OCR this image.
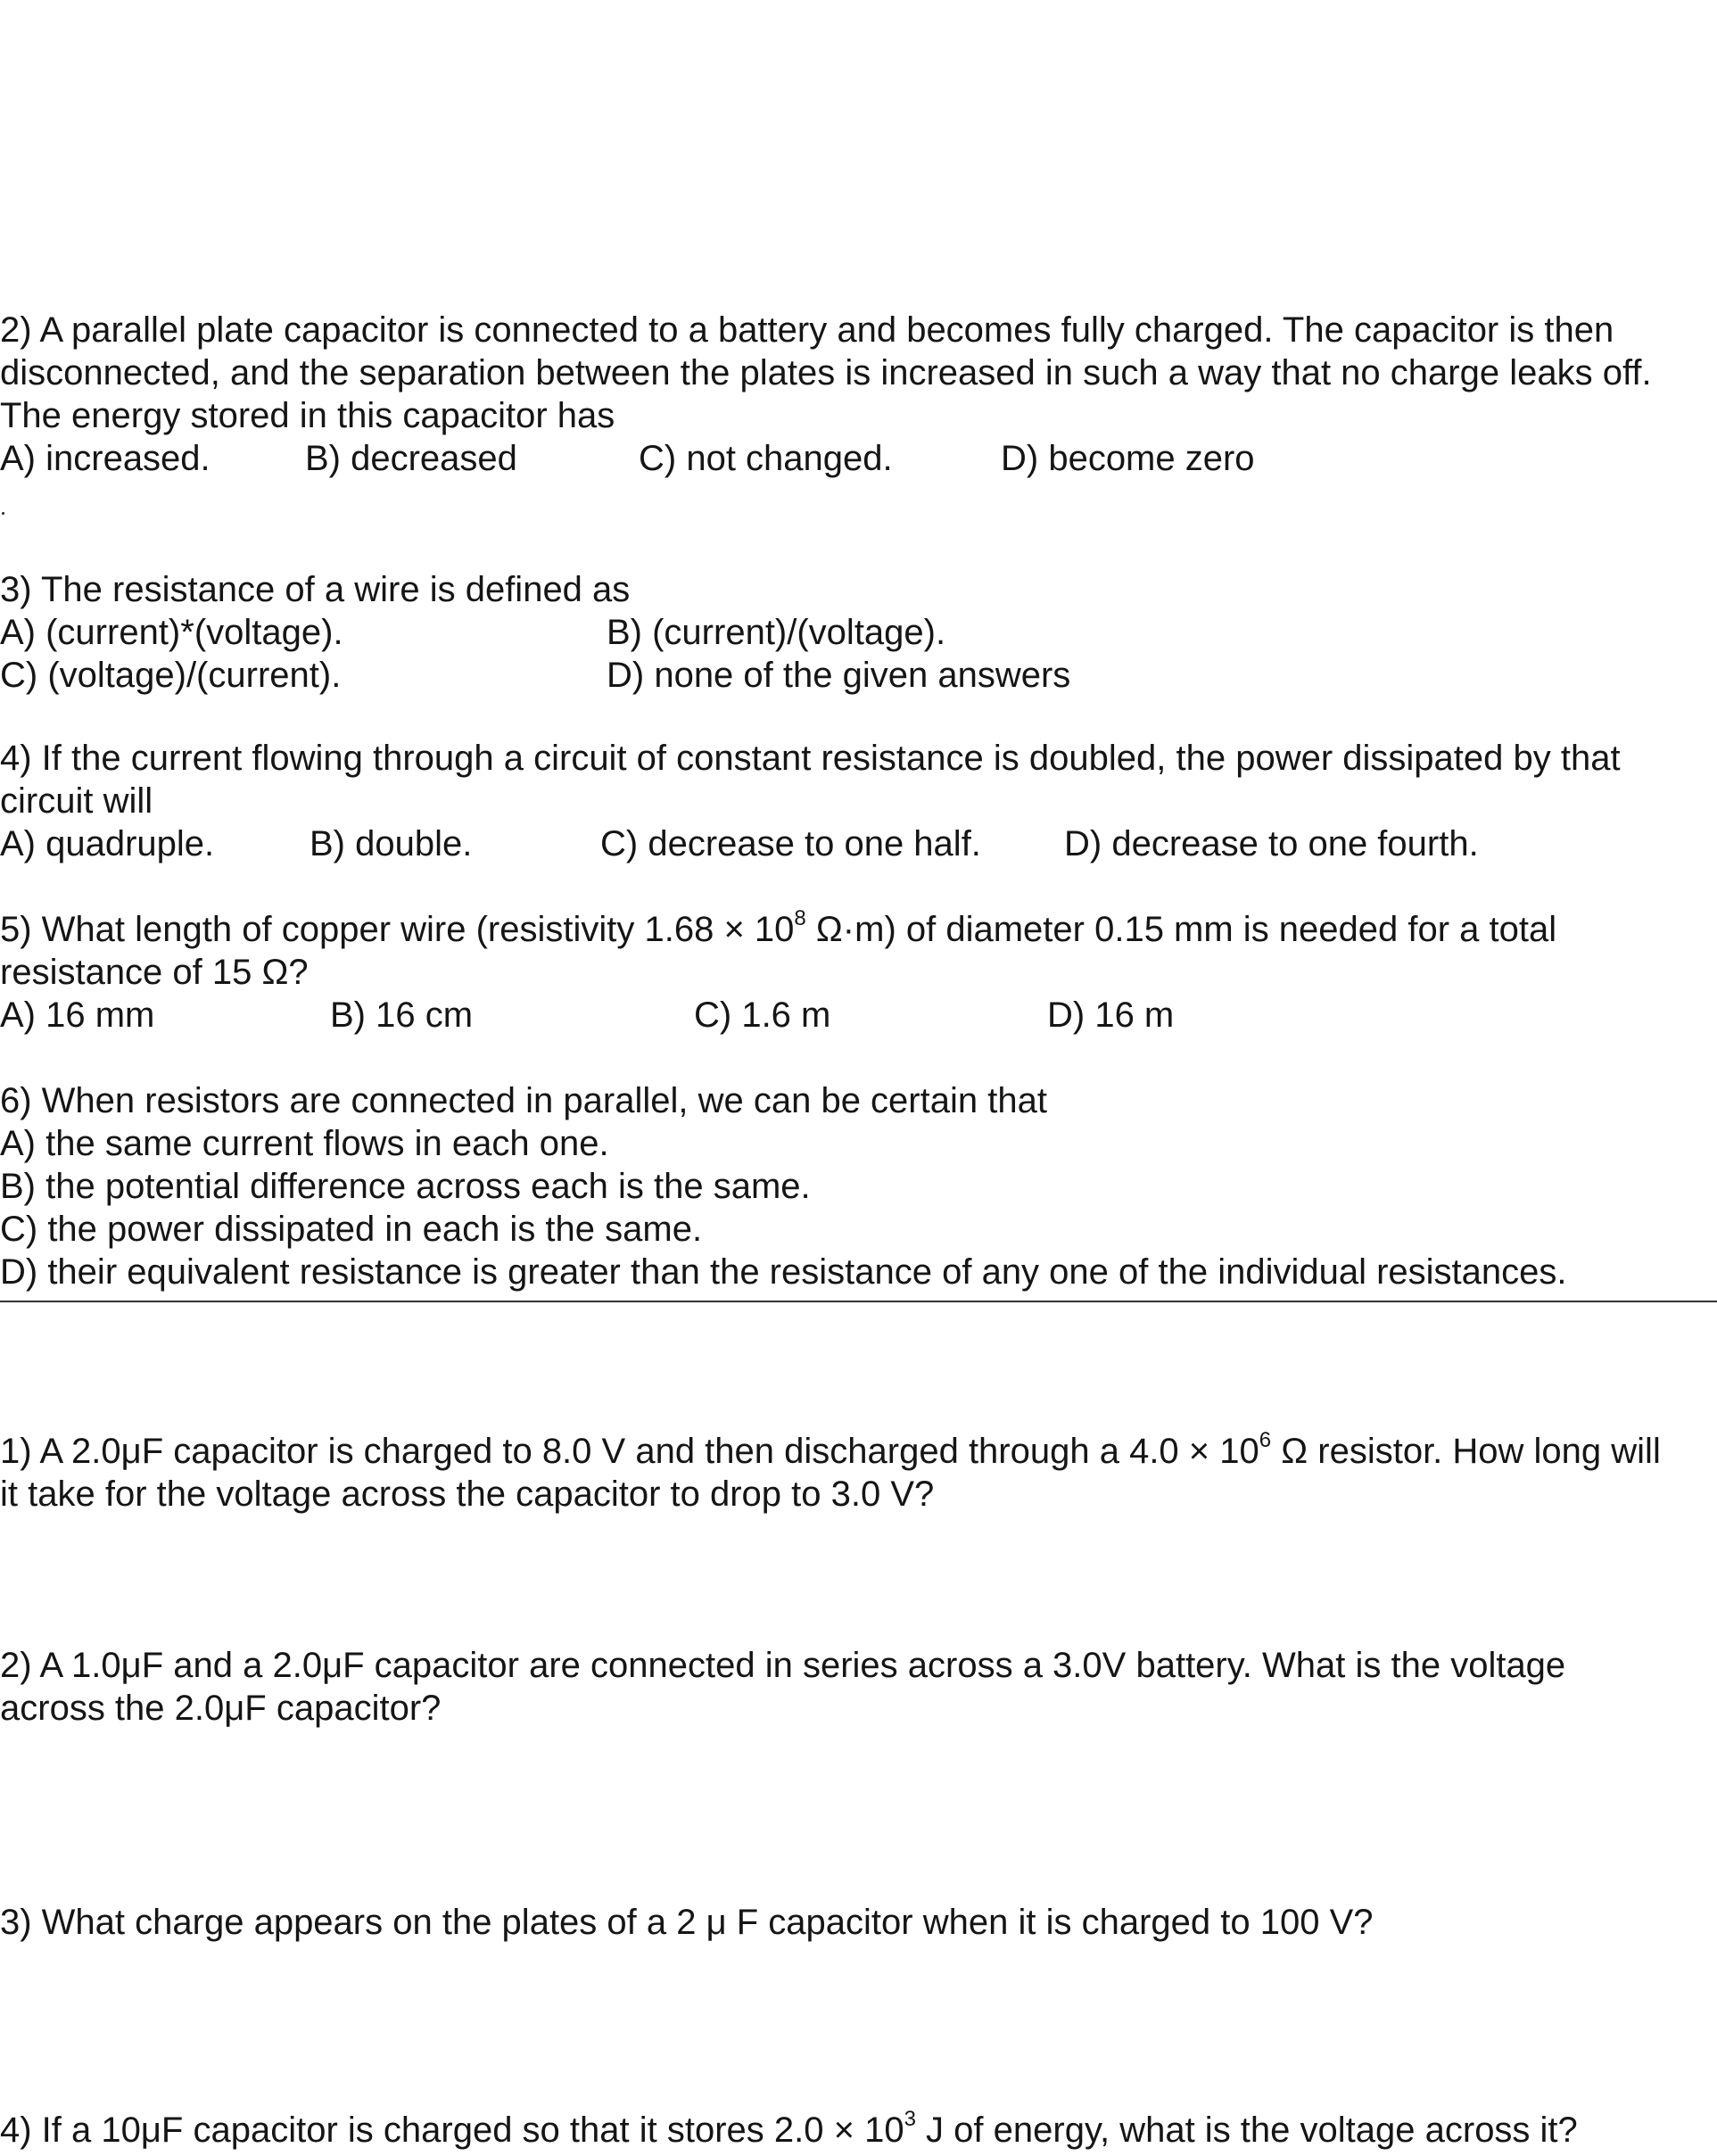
2) A parallel plate capacitor is connected to a battery and becomes fully charged. The capacitor is then
disconnected, and the separation between the plates is increased in such a way that no charge leaks off.
The energy stored in this capacitor has
A) increased.	B) decreased	C) not changed.	D) become zero
3) The resistance of a wire is defined as
A) (current)*(voltage).	B) (current)/(voltage).
C) (voltage)/(current).	D) none of the given answers
4) If the current flowing through a circuit of constant resistance is doubled, the power dissipated by that
circuit will
A) quadruple.	B) double.	C) decrease to one half. D) decrease to one fourth.
5) What length of copper wire (resistivity $1.68 \times 10^8$ Ω·m) of diameter 0.15 mm is needed for a total
resistance of 15 Ω?
A) 16 mm	B) 16 cm	C) 1.6 m	D) 16 m
6) When resistors are connected in parallel, we can be certain that
A) the same current flows in each one.
B) the potential difference across each is the same.
C) the power dissipated in each is the same.
D) their equivalent resistance is greater than the resistance of any one of the individual resistances.
1) A 2.0μF capacitor is charged to 8.0 V and then discharged through a $4.0 \times 10^6$ Ω resistor. How long will
it take for the voltage across the capacitor to drop to 3.0 V?
2) A 1.0μF and a 2.0μF capacitor are connected in series across a 3.0V battery. What is the voltage
across the 2.0μF capacitor?
3) What charge appears on the plates of a 2 μ F capacitor when it is charged to 100 V?
4) If a 10μF capacitor is charged so that it stores $2.0 \times 10^3$ J of energy, what is the voltage across it?
